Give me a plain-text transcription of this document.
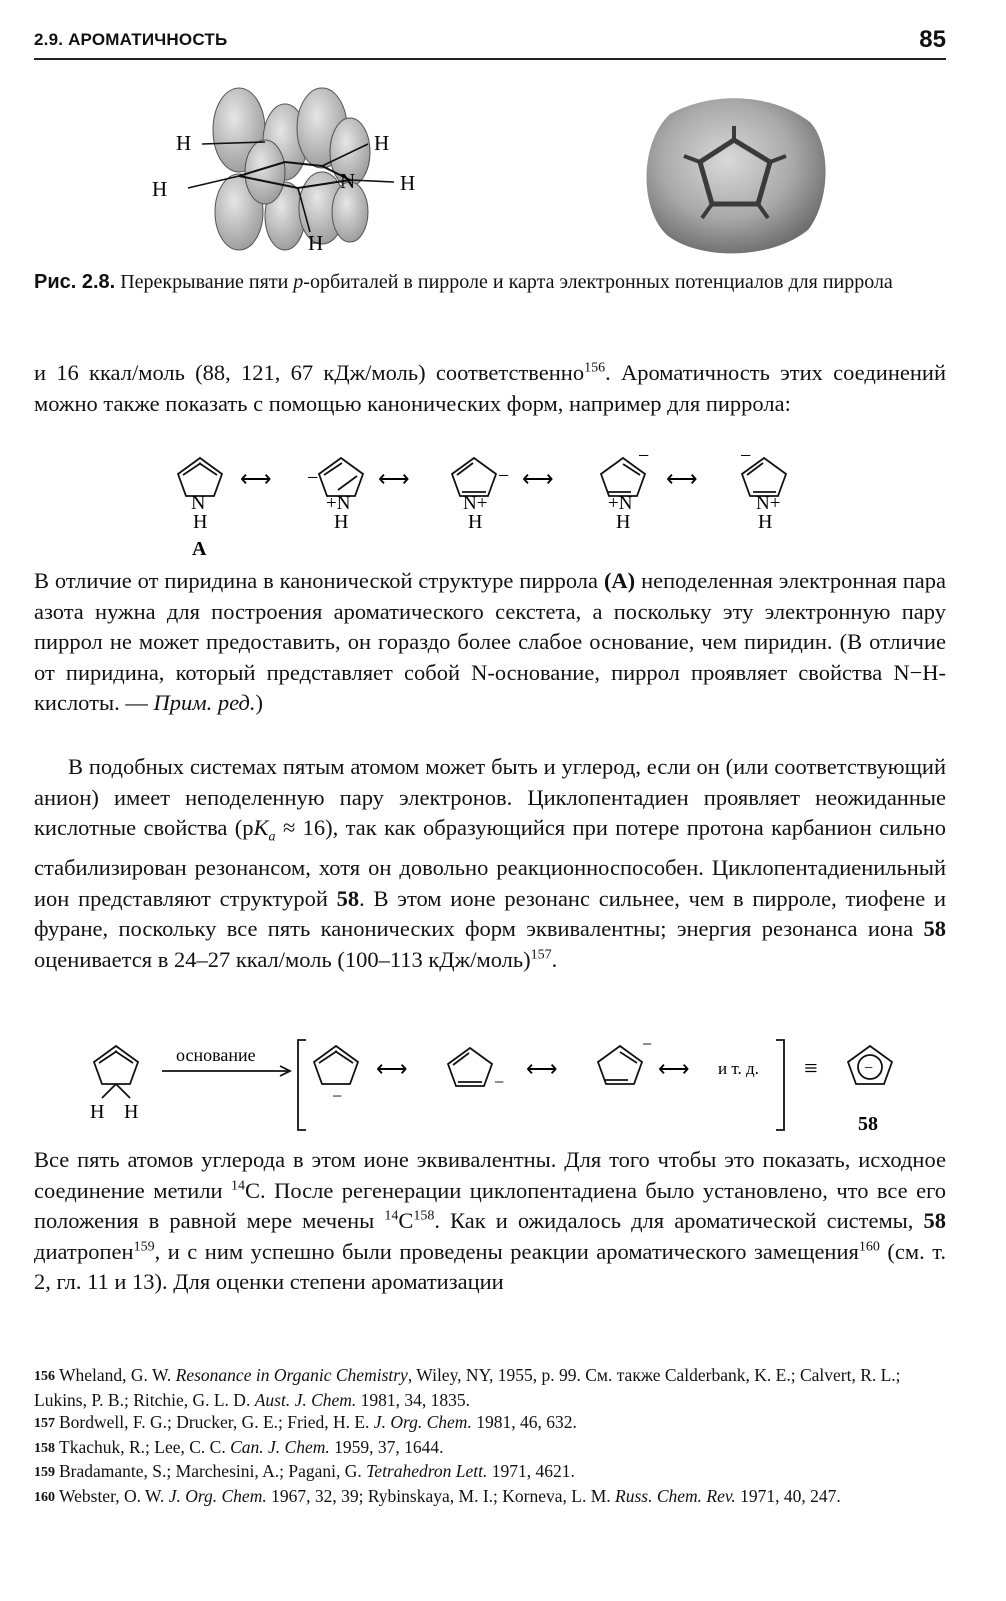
2.9. АРОМАТИЧНОСТЬ	85
H
H
H
N H
H
Рис. 2.8. Перекрывание пяти p-орбиталей в пирроле и карта электронных потенциалов для пиррола
и 16 ккал/моль (88, 121, 67 кДж/моль) соответственно$^{156}$. Ароматичность этих соединений можно также показать с помощью канонических форм, например для пиррола:
N
H
A
⟷ −
+N
H
⟷
N+
H
− ⟷
+N
H
−
⟷
−
N+
H
В отличие от пиридина в канонической структуре пиррола (A) неподеленная электронная пара азота нужна для построения ароматического секстета, а поскольку эту электронную пару пиррол не может предоставить, он гораздо более слабое основание, чем пиридин. (В отличие от пиридина, который представляет собой N-основание, пиррол проявляет свойства N−H-кислоты. — Прим. ред.)
В подобных системах пятым атомом может быть и углерод, если он (или соответствующий анион) имеет неподеленную пару электронов. Циклопентадиен проявляет неожиданные кислотные свойства $(pK_a \approx 16)$, так как образующийся при потере протона карбанион сильно стабилизирован резонансом, хотя он довольно реакционноспособен. Циклопентадиенильный ион представляют структурой 58. В этом ионе резонанс сильнее, чем в пирроле, тиофене и фуране, поскольку все пять канонических форм эквивалентны; энергия резонанса иона 58 оценивается в 24–27 ккал/моль (100–113 кДж/моль)$^{157}$.
основание
H H
−
⟷
−
⟷
−
⟷ и т. д. ≡	−
58
Все пять атомов углерода в этом ионе эквивалентны. Для того чтобы это показать, исходное соединение метили $^{14}$C. После регенерации циклопентадиена было установлено, что все его положения в равной мере мечены $^{14}C^{158}$. Как и ожидалось для ароматической системы, 58 диатропен$^{159}$, и с ним успешно были проведены реакции ароматического замещения$^{160}$ (см. т. 2, гл. 11 и 13). Для оценки степени ароматизации
156 Wheland, G. W. Resonance in Organic Chemistry, Wiley, NY, 1955, p. 99. См. также Calderbank, K. E.; Calvert, R. L.; Lukins, P. B.; Ritchie, G. L. D. Aust. J. Chem. 1981, 34, 1835.
157 Bordwell, F. G.; Drucker, G. E.; Fried, H. E. J. Org. Chem. 1981, 46, 632.
158 Tkachuk, R.; Lee, C. C. Can. J. Chem. 1959, 37, 1644.
159 Bradamante, S.; Marchesini, A.; Pagani, G. Tetrahedron Lett. 1971, 4621.
160 Webster, O. W. J. Org. Chem. 1967, 32, 39; Rybinskaya, M. I.; Korneva, L. M. Russ. Chem. Rev. 1971, 40, 247.
